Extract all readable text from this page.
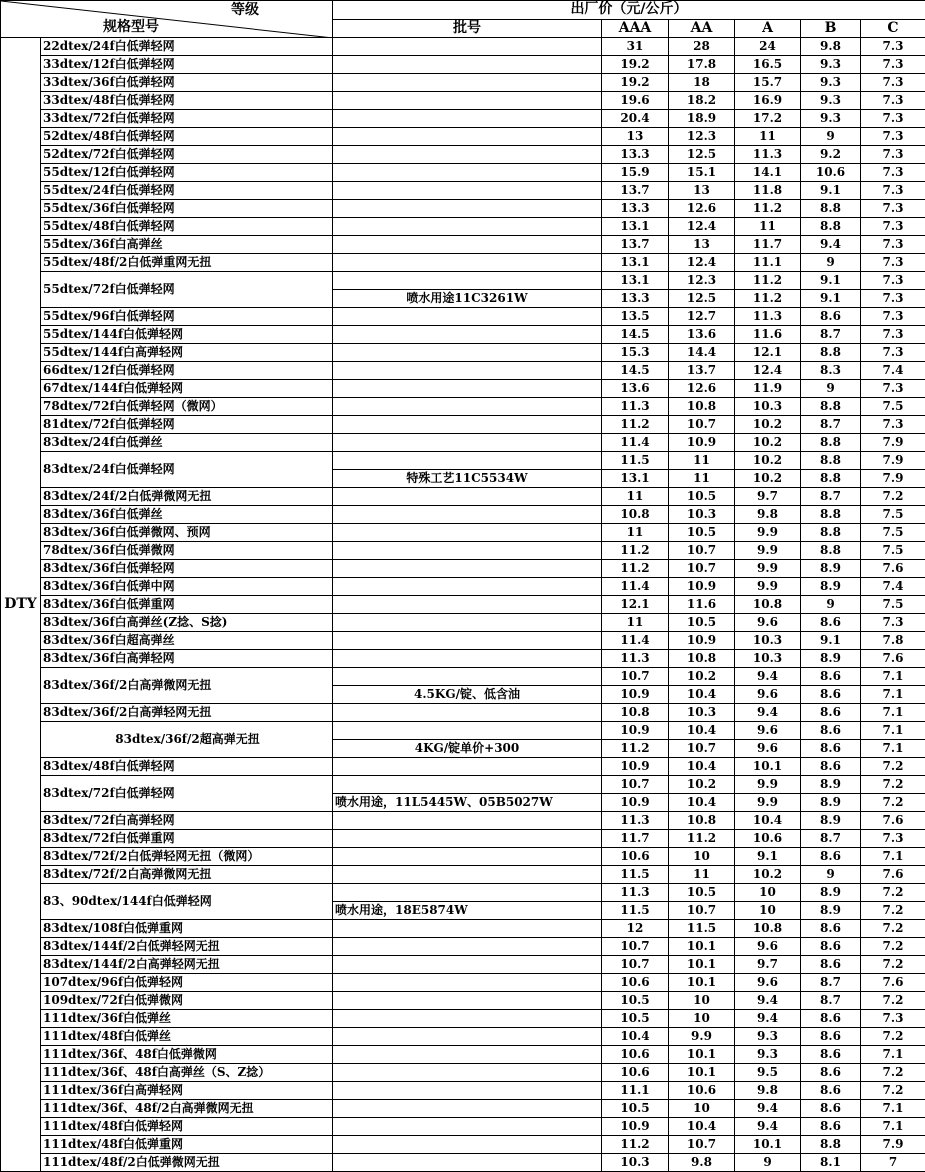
等级
规格型号		出厂价（元/公斤）					
		批号	AAA	AA	A	B	C
DTY	22dtex/24f白低弹轻网		31	28	24	9.8	7.3
	33dtex/12f白低弹轻网		19.2	17.8	16.5	9.3	7.3
	33dtex/36f白低弹轻网		19.2	18	15.7	9.3	7.3
	33dtex/48f白低弹轻网		19.6	18.2	16.9	9.3	7.3
	33dtex/72f白低弹轻网		20.4	18.9	17.2	9.3	7.3
	52dtex/48f白低弹轻网		13	12.3	11	9	7.3
	52dtex/72f白低弹轻网		13.3	12.5	11.3	9.2	7.3
	55dtex/12f白低弹轻网		15.9	15.1	14.1	10.6	7.3
	55dtex/24f白低弹轻网		13.7	13	11.8	9.1	7.3
	55dtex/36f白低弹轻网		13.3	12.6	11.2	8.8	7.3
	55dtex/48f白低弹轻网		13.1	12.4	11	8.8	7.3
	55dtex/36f白高弹丝		13.7	13	11.7	9.4	7.3
	55dtex/48f/2白低弹重网无扭		13.1	12.4	11.1	9	7.3
	55dtex/72f白低弹轻网		13.1	12.3	11.2	9.1	7.3
		喷水用途11C3261W	13.3	12.5	11.2	9.1	7.3
	55dtex/96f白低弹轻网		13.5	12.7	11.3	8.6	7.3
	55dtex/144f白低弹轻网		14.5	13.6	11.6	8.7	7.3
	55dtex/144f白高弹轻网		15.3	14.4	12.1	8.8	7.3
	66dtex/12f白低弹轻网		14.5	13.7	12.4	8.3	7.4
	67dtex/144f白低弹轻网		13.6	12.6	11.9	9	7.3
	78dtex/72f白低弹轻网（微网）		11.3	10.8	10.3	8.8	7.5
	81dtex/72f白低弹轻网		11.2	10.7	10.2	8.7	7.3
	83dtex/24f白低弹丝		11.4	10.9	10.2	8.8	7.9
	83dtex/24f白低弹轻网		11.5	11	10.2	8.8	7.9
		特殊工艺11C5534W	13.1	11	10.2	8.8	7.9
	83dtex/24f/2白低弹微网无扭		11	10.5	9.7	8.7	7.2
	83dtex/36f白低弹丝		10.8	10.3	9.8	8.8	7.5
	83dtex/36f白低弹微网、预网		11	10.5	9.9	8.8	7.5
	78dtex/36f白低弹微网		11.2	10.7	9.9	8.8	7.5
	83dtex/36f白低弹轻网		11.2	10.7	9.9	8.9	7.6
	83dtex/36f白低弹中网		11.4	10.9	9.9	8.9	7.4
	83dtex/36f白低弹重网		12.1	11.6	10.8	9	7.5
	83dtex/36f白高弹丝(Z捻、S捻)		11	10.5	9.6	8.6	7.3
	83dtex/36f白超高弹丝		11.4	10.9	10.3	9.1	7.8
	83dtex/36f白高弹轻网		11.3	10.8	10.3	8.9	7.6
	83dtex/36f/2白高弹微网无扭		10.7	10.2	9.4	8.6	7.1
		4.5KG/锭、低含油	10.9	10.4	9.6	8.6	7.1
	83dtex/36f/2白高弹轻网无扭		10.8	10.3	9.4	8.6	7.1
	83dtex/36f/2超高弹无扭		10.9	10.4	9.6	8.6	7.1
		4KG/锭单价+300	11.2	10.7	9.6	8.6	7.1
	83dtex/48f白低弹轻网		10.9	10.4	10.1	8.6	7.2
	83dtex/72f白低弹轻网		10.7	10.2	9.9	8.9	7.2
		喷水用途，11L5445W、05B5027W	10.9	10.4	9.9	8.9	7.2
	83dtex/72f白高弹轻网		11.3	10.8	10.4	8.9	7.6
	83dtex/72f白低弹重网		11.7	11.2	10.6	8.7	7.3
	83dtex/72f/2白低弹轻网无扭（微网）		10.6	10	9.1	8.6	7.1
	83dtex/72f/2白高弹微网无扭		11.5	11	10.2	9	7.6
	83、90dtex/144f白低弹轻网		11.3	10.5	10	8.9	7.2
		喷水用途，18E5874W	11.5	10.7	10	8.9	7.2
	83dtex/108f白低弹重网		12	11.5	10.8	8.6	7.2
	83dtex/144f/2白低弹轻网无扭		10.7	10.1	9.6	8.6	7.2
	83dtex/144f/2白高弹轻网无扭		10.7	10.1	9.7	8.6	7.2
	107dtex/96f白低弹轻网		10.6	10.1	9.6	8.7	7.6
	109dtex/72f白低弹微网		10.5	10	9.4	8.7	7.2
	111dtex/36f白低弹丝		10.5	10	9.4	8.6	7.3
	111dtex/48f白低弹丝		10.4	9.9	9.3	8.6	7.2
	111dtex/36f、48f白低弹微网		10.6	10.1	9.3	8.6	7.1
	111dtex/36f、48f白高弹丝（S、Z捻）		10.6	10.1	9.5	8.6	7.2
	111dtex/36f白高弹轻网		11.1	10.6	9.8	8.6	7.2
	111dtex/36f、48f/2白高弹微网无扭		10.5	10	9.4	8.6	7.1
	111dtex/48f白低弹轻网		10.9	10.4	9.4	8.6	7.1
	111dtex/48f白低弹重网		11.2	10.7	10.1	8.8	7.9
	111dtex/48f/2白低弹微网无扭		10.3	9.8	9	8.1	7
